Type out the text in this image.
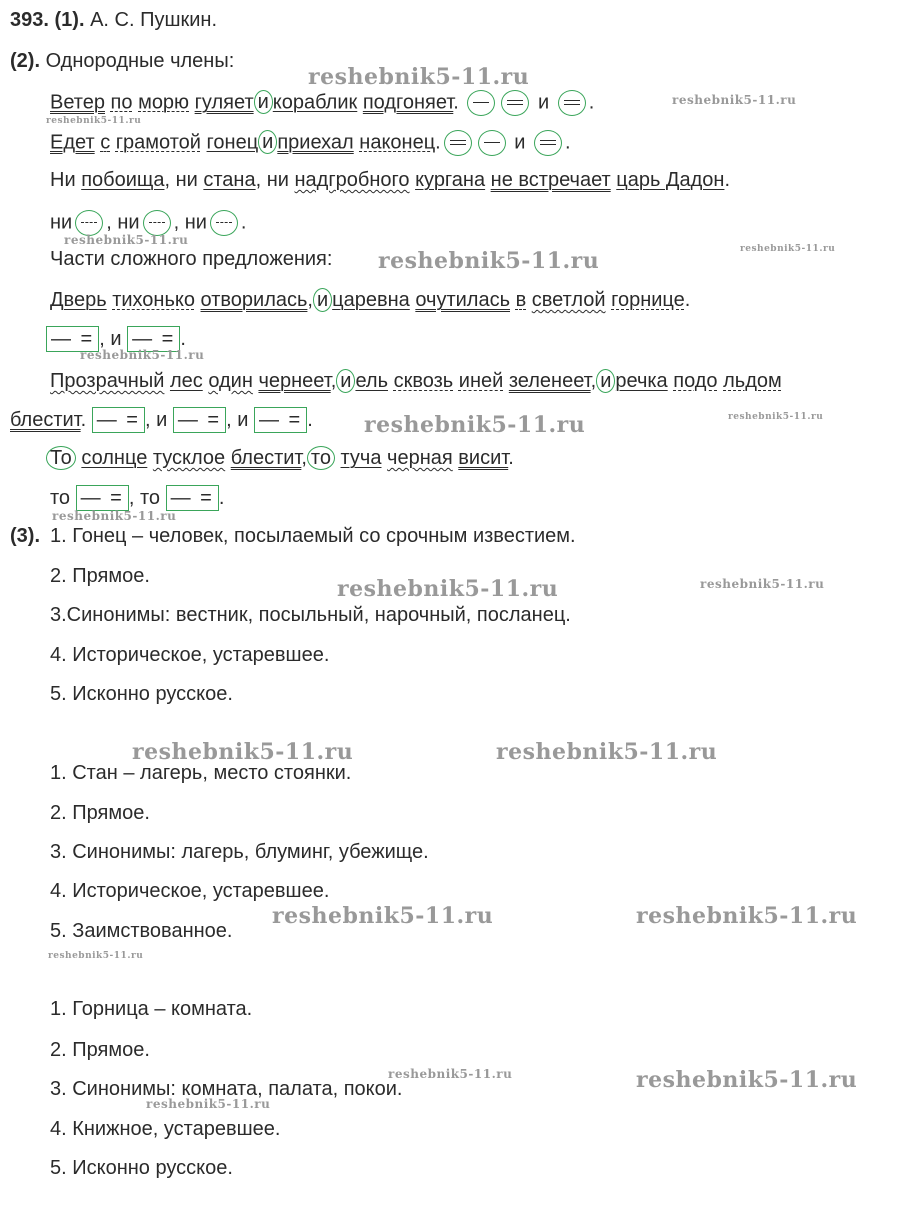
393. (1). А. С. Пушкин.
(2). Однородные члены:
Ветер по морю гуляет и кораблик подгоняет.	и .
Едет с грамотой гонец и приехал наконец.	и .
Ни побоища, ни стана, ни надгробного кургана не встречает царь Дадон.
ни , ни , ни .
Части сложного предложения:
Дверь тихонько отворилась, и царевна очутилась в светлой горнице.
— = , и — = .
Прозрачный лес один чернеет, и ель сквозь иней зеленеет, и речка подо льдом
блестит. — = , и — = , и — = .
То солнце тусклое блестит, то туча черная висит.
то — = , то — = .
(3). 1. Гонец – человек, посылаемый со срочным известием.
2. Прямое.
3.Синонимы: вестник, посыльный, нарочный, посланец.
4. Историческое, устаревшее.
5. Исконно русское.
1. Стан – лагерь, место стоянки.
2. Прямое.
3. Синонимы: лагерь, блуминг, убежище.
4. Историческое, устаревшее.
5. Заимствованное.
1. Горница – комната.
2. Прямое.
3. Синонимы: комната, палата, покои.
4. Книжное, устаревшее.
5. Исконно русское.
reshebnik5-11.ru
reshebnik5-11.ru
reshebnik5-11.ru
reshebnik5-11.ru
reshebnik5-11.ru
reshebnik5-11.ru
reshebnik5-11.ru
reshebnik5-11.ru
reshebnik5-11.ru
reshebnik5-11.ru
reshebnik5-11.ru	reshebnik5-11.ru
reshebnik5-11.ru	reshebnik5-11.ru
reshebnik5-11.ru	reshebnik5-11.ru
reshebnik5-11.ru
reshebnik5-11.ru	reshebnik5-11.ru
reshebnik5-11.ru
